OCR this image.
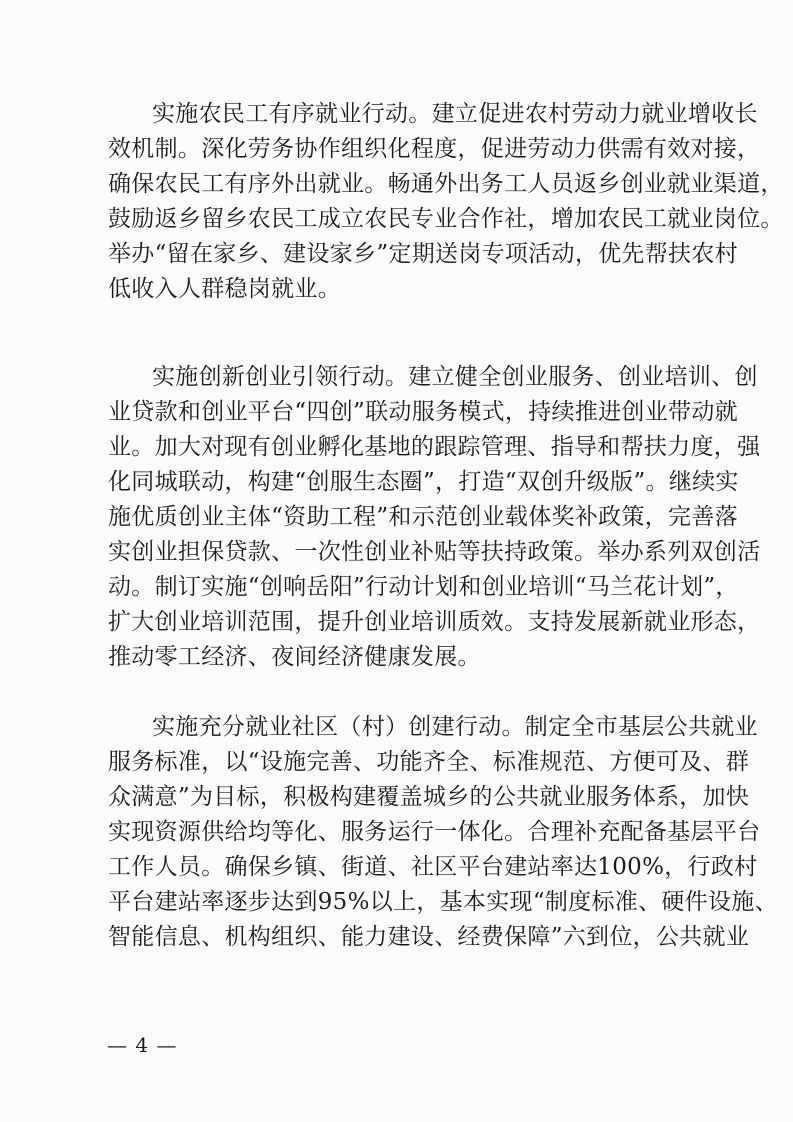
实施农民工有序就业行动。建立促进农村劳动力就业增收长
效机制。深化劳务协作组织化程度，促进劳动力供需有效对接，
确保农民工有序外出就业。畅通外出务工人员返乡创业就业渠道，
鼓励返乡留乡农民工成立农民专业合作社，增加农民工就业岗位。
举办“留在家乡、建设家乡”定期送岗专项活动，优先帮扶农村
低收入人群稳岗就业。
实施创新创业引领行动。建立健全创业服务、创业培训、创
业贷款和创业平台“四创”联动服务模式，持续推进创业带动就
业。加大对现有创业孵化基地的跟踪管理、指导和帮扶力度，强
化同城联动，构建“创服生态圈”，打造“双创升级版”。继续实
施优质创业主体“资助工程”和示范创业载体奖补政策，完善落
实创业担保贷款、一次性创业补贴等扶持政策。举办系列双创活
动。制订实施“创响岳阳”行动计划和创业培训“马兰花计划”，
扩大创业培训范围，提升创业培训质效。支持发展新就业形态，
推动零工经济、夜间经济健康发展。
实施充分就业社区（村）创建行动。制定全市基层公共就业
服务标准，以“设施完善、功能齐全、标准规范、方便可及、群
众满意”为目标，积极构建覆盖城乡的公共就业服务体系，加快
实现资源供给均等化、服务运行一体化。合理补充配备基层平台
工作人员。确保乡镇、街道、社区平台建站率达100%，行政村
平台建站率逐步达到95%以上，基本实现“制度标准、硬件设施、
智能信息、机构组织、能力建设、经费保障”六到位，公共就业
— 4 —
